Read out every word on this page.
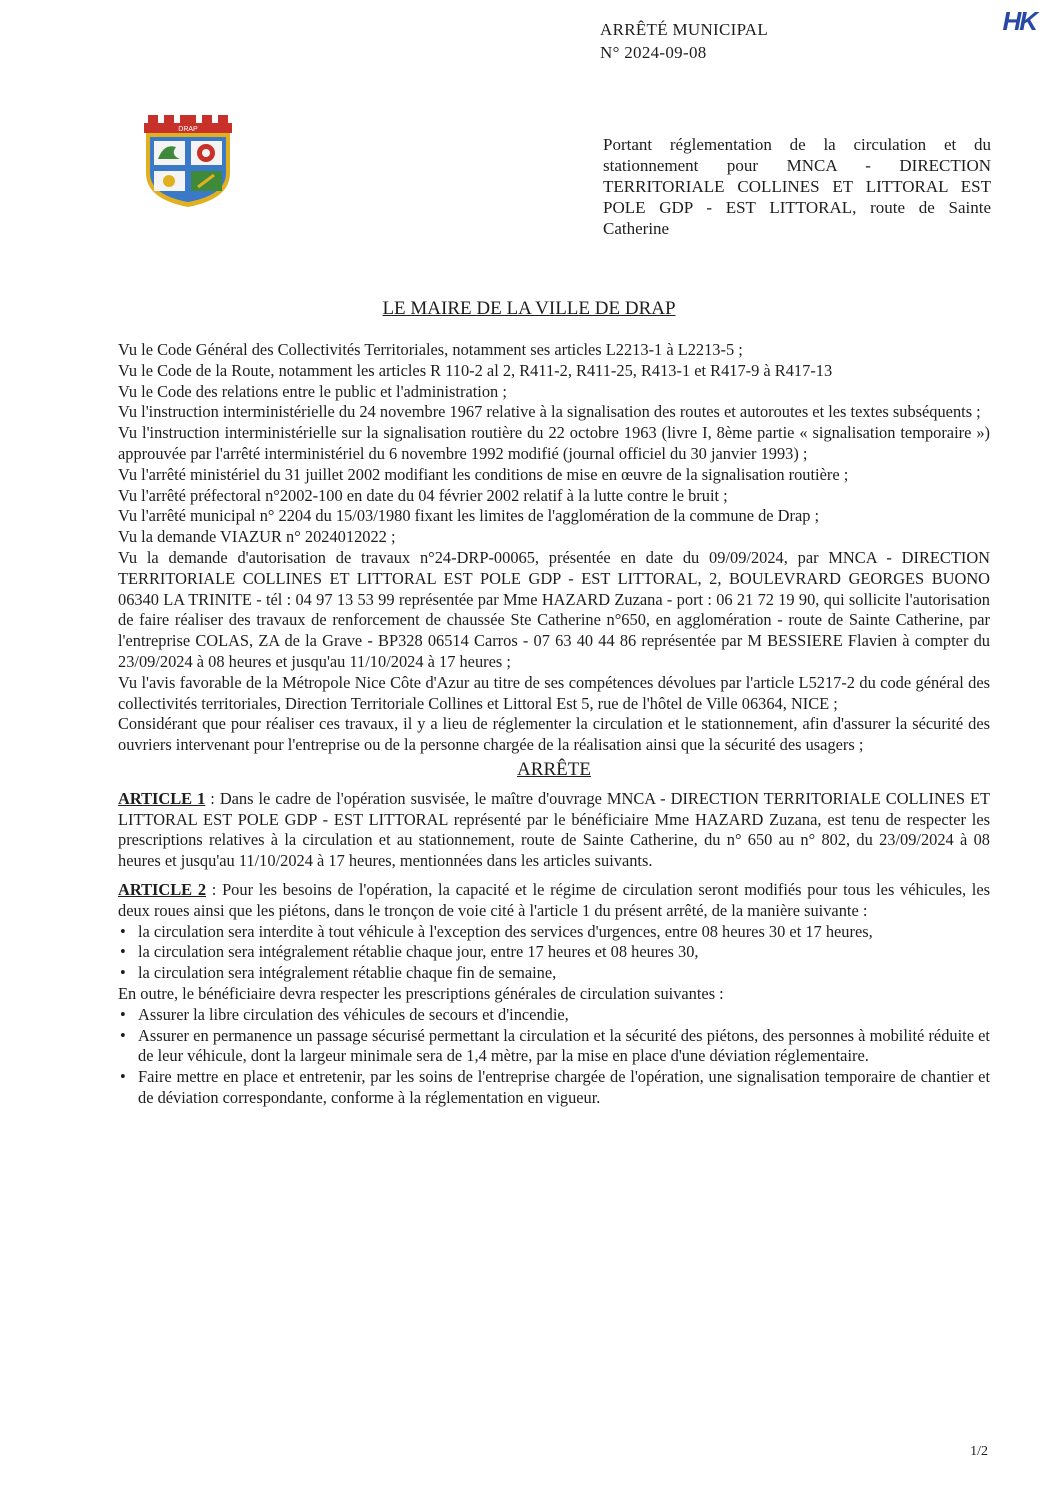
ARRÊTÉ MUNICIPAL
N° 2024-09-08
HK
DRAP
Portant réglementation de la circulation et du stationnement pour MNCA - DIRECTION TERRITORIALE COLLINES ET LITTORAL EST POLE GDP - EST LITTORAL, route de Sainte Catherine
LE MAIRE DE LA VILLE DE DRAP

Vu le Code Général des Collectivités Territoriales, notamment ses articles L2213-1 à L2213-5 ;

Vu le Code de la Route, notamment les articles R 110-2 al 2, R411-2, R411-25, R413-1 et R417-9 à R417-13

Vu le Code des relations entre le public et l'administration ;

Vu l'instruction interministérielle du 24 novembre 1967 relative à la signalisation des routes et autoroutes et les textes subséquents ;

Vu l'instruction interministérielle sur la signalisation routière du 22 octobre 1963 (livre I, 8ème partie « signalisation temporaire ») approuvée par l'arrêté interministériel du 6 novembre 1992 modifié (journal officiel du 30 janvier 1993) ;

Vu l'arrêté ministériel du 31 juillet 2002 modifiant les conditions de mise en œuvre de la signalisation routière ;

Vu l'arrêté préfectoral n°2002-100 en date du 04 février 2002 relatif à la lutte contre le bruit ;

Vu l'arrêté municipal n° 2204 du 15/03/1980 fixant les limites de l'agglomération de la commune de Drap ;

Vu la demande VIAZUR n° 2024012022 ;

Vu la demande d'autorisation de travaux n°24-DRP-00065, présentée en date du 09/09/2024, par MNCA - DIRECTION TERRITORIALE COLLINES ET LITTORAL EST POLE GDP - EST LITTORAL, 2, BOULEVRARD GEORGES BUONO 06340 LA TRINITE - tél : 04 97 13 53 99 représentée par Mme HAZARD Zuzana - port : 06 21 72 19 90, qui sollicite l'autorisation de faire réaliser des travaux de renforcement de chaussée Ste Catherine n°650, en agglomération - route de Sainte Catherine, par l'entreprise COLAS, ZA de la Grave - BP328 06514 Carros - 07 63 40 44 86 représentée par M BESSIERE Flavien à compter du 23/09/2024 à 08 heures et jusqu'au 11/10/2024 à 17 heures ;

Vu l'avis favorable de la Métropole Nice Côte d'Azur au titre de ses compétences dévolues par l'article L5217-2 du code général des collectivités territoriales, Direction Territoriale Collines et Littoral Est 5, rue de l'hôtel de Ville 06364, NICE ;

Considérant que pour réaliser ces travaux, il y a lieu de réglementer la circulation et le stationnement, afin d'assurer la sécurité des ouvriers intervenant pour l'entreprise ou de la personne chargée de la réalisation ainsi que la sécurité des usagers ;

ARRÊTE

ARTICLE 1 : Dans le cadre de l'opération susvisée, le maître d'ouvrage MNCA - DIRECTION TERRITORIALE COLLINES ET LITTORAL EST POLE GDP - EST LITTORAL représenté par le bénéficiaire Mme HAZARD Zuzana, est tenu de respecter les prescriptions relatives à la circulation et au stationnement, route de Sainte Catherine, du n° 650 au n° 802, du 23/09/2024 à 08 heures et jusqu'au 11/10/2024 à 17 heures, mentionnées dans les articles suivants.

ARTICLE 2 : Pour les besoins de l'opération, la capacité et le régime de circulation seront modifiés pour tous les véhicules, les deux roues ainsi que les piétons, dans le tronçon de voie cité à l'article 1 du présent arrêté, de la manière suivante :

• la circulation sera interdite à tout véhicule à l'exception des services d'urgences, entre 08 heures 30 et 17 heures,
• la circulation sera intégralement rétablie chaque jour, entre 17 heures et 08 heures 30,
• la circulation sera intégralement rétablie chaque fin de semaine,

En outre, le bénéficiaire devra respecter les prescriptions générales de circulation suivantes :

• Assurer la libre circulation des véhicules de secours et d'incendie,
• Assurer en permanence un passage sécurisé permettant la circulation et la sécurité des piétons, des personnes à mobilité réduite et de leur véhicule, dont la largeur minimale sera de 1,4 mètre, par la mise en place d'une déviation réglementaire.
• Faire mettre en place et entretenir, par les soins de l'entreprise chargée de l'opération, une signalisation temporaire de chantier et de déviation correspondante, conforme à la réglementation en vigueur.
1/2
